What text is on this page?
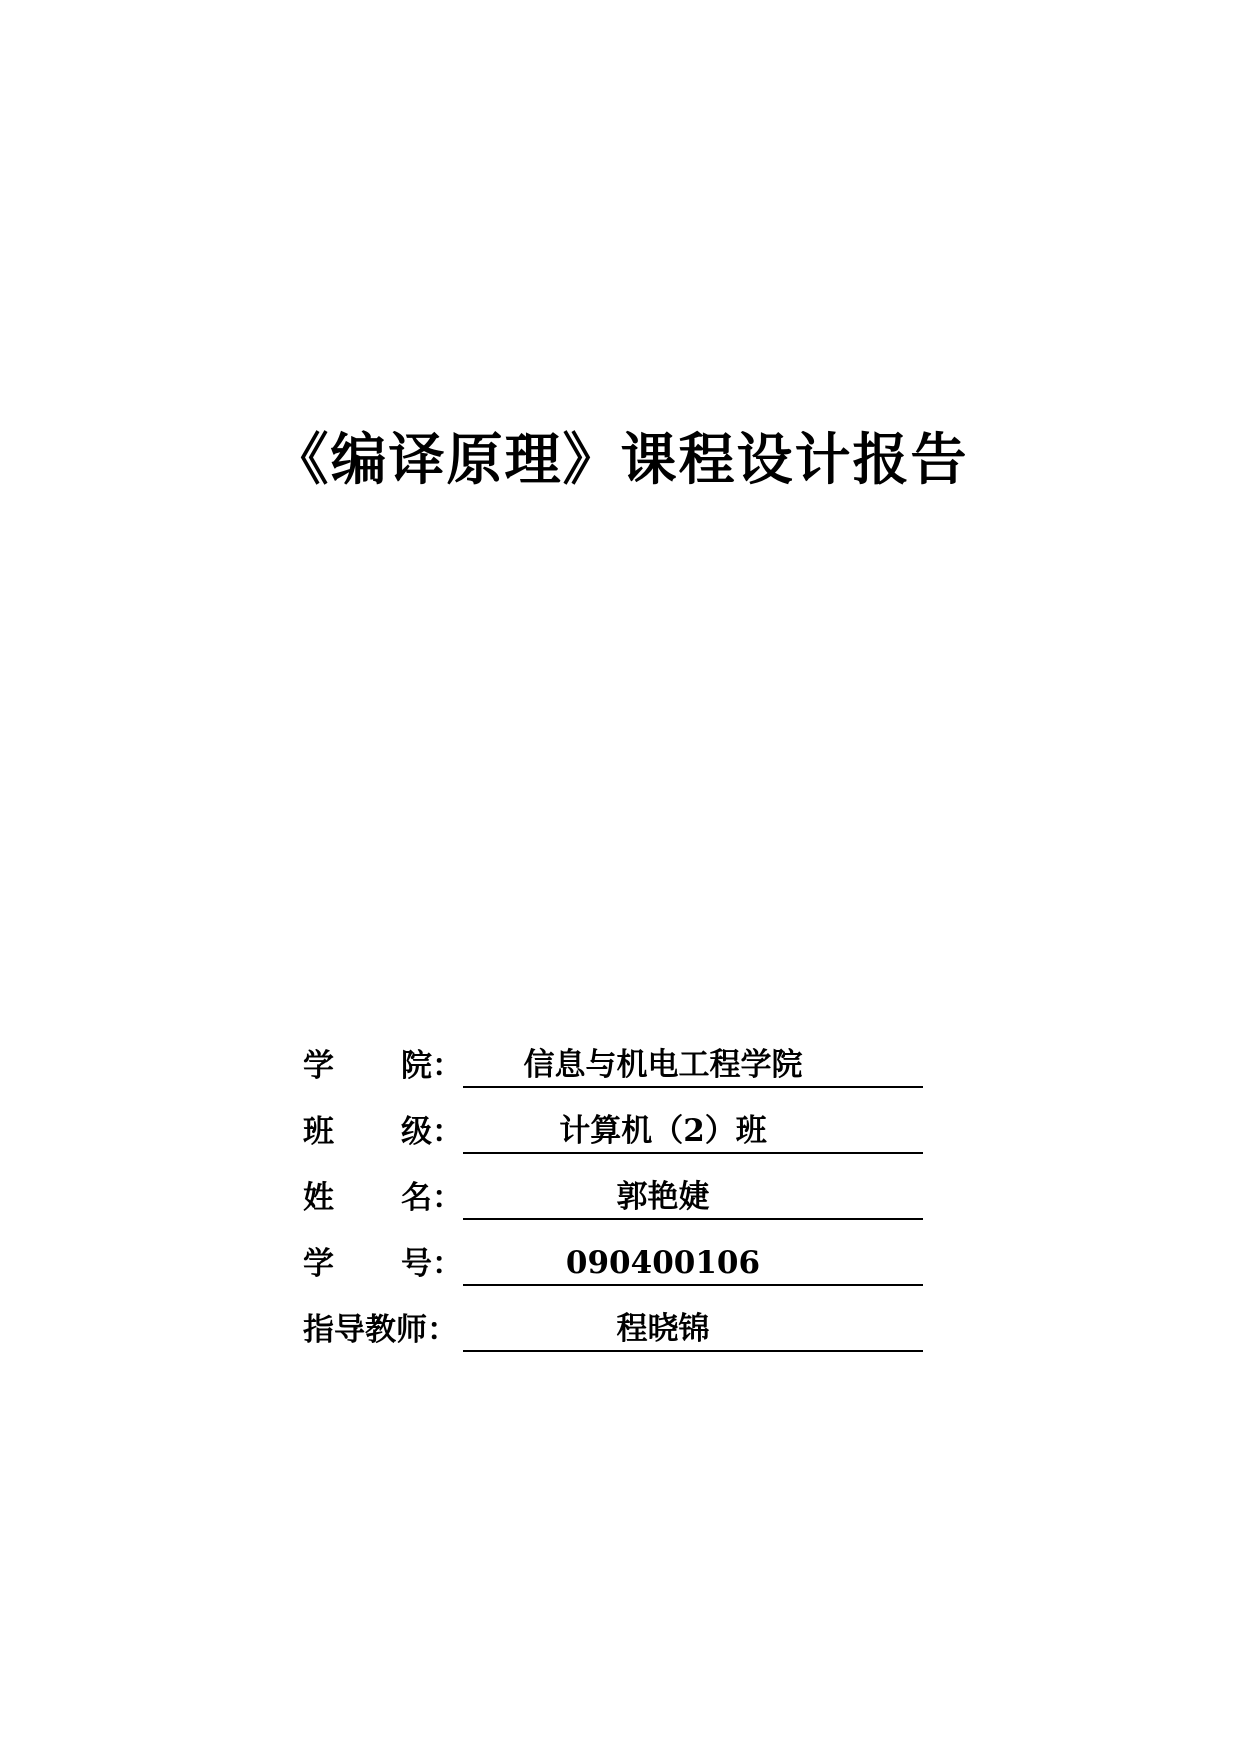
《编译原理》课程设计报告
学 院： 信息与机电工程学院
班 级：	计算机（2）班
姓 名：	郭艳婕
学 号：	090400106
指导教师：	程晓锦
